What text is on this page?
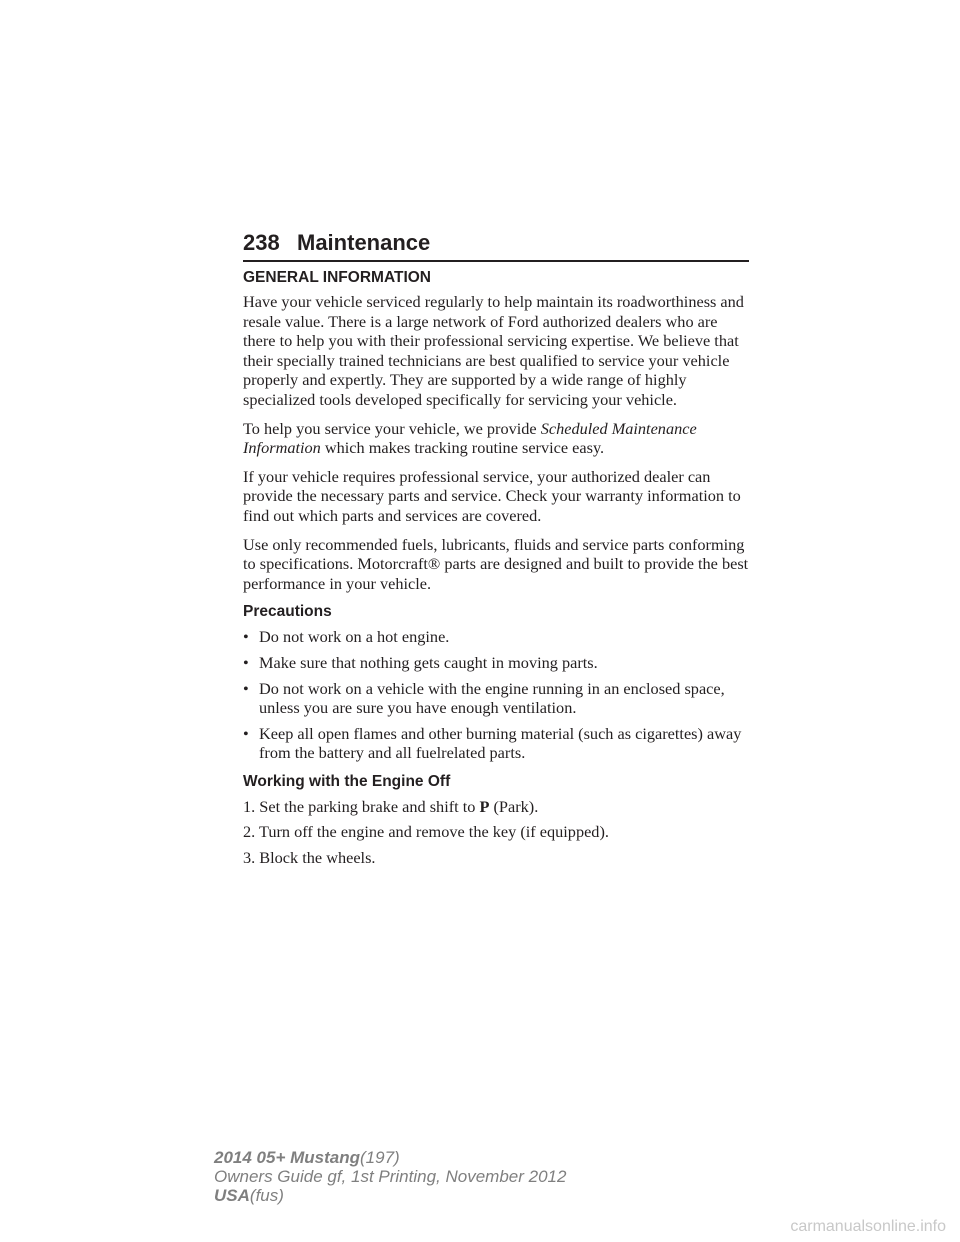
238 Maintenance
GENERAL INFORMATION

Have your vehicle serviced regularly to help maintain its roadworthiness and resale value. There is a large network of Ford authorized dealers who are there to help you with their professional servicing expertise. We believe that their specially trained technicians are best qualified to service your vehicle properly and expertly. They are supported by a wide range of highly specialized tools developed specifically for servicing your vehicle.

To help you service your vehicle, we provide Scheduled Maintenance Information which makes tracking routine service easy.

If your vehicle requires professional service, your authorized dealer can provide the necessary parts and service. Check your warranty information to find out which parts and services are covered.

Use only recommended fuels, lubricants, fluids and service parts conforming to specifications. Motorcraft® parts are designed and built to provide the best performance in your vehicle.

Precautions
• Do not work on a hot engine.
• Make sure that nothing gets caught in moving parts.
• Do not work on a vehicle with the engine running in an enclosed space, unless you are sure you have enough ventilation.
• Keep all open flames and other burning material (such as cigarettes) away from the battery and all fuelrelated parts.
Working with the Engine Off
1. Set the parking brake and shift to P (Park).
2. Turn off the engine and remove the key (if equipped).
3. Block the wheels.
2014 05+ Mustang(197)
Owners Guide gf, 1st Printing, November 2012
USA(fus)
carmanualsonline.info
